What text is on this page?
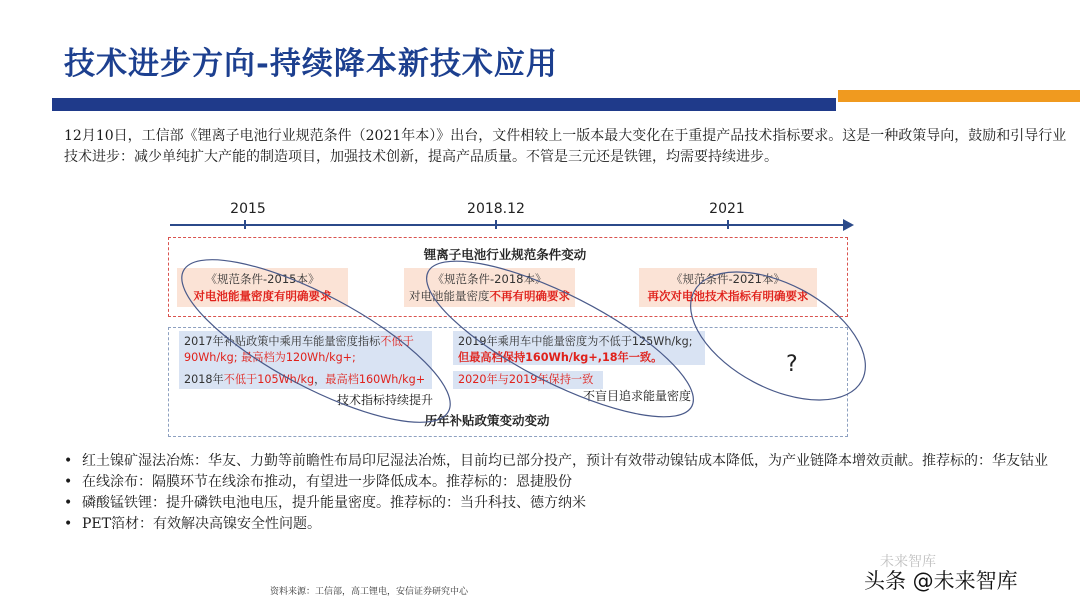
技术进步方向-持续降本新技术应用
12月10日，工信部《锂离子电池行业规范条件（2021年本）》出台，文件相较上一版本最大变化在于重提产品技术指标要求。这是一种政策导向，鼓励和引导行业技术进步：减少单纯扩大产能的制造项目，加强技术创新，提高产品质量。不管是三元还是铁锂，均需要持续进步。
2015	2018.12	2021
锂离子电池行业规范条件变动
《规范条件-2015本》
对电池能量密度有明确要求
《规范条件-2018本》
对电池能量密度不再有明确要求
《规范条件-2021本》
再次对电池技术指标有明确要求
2017年补贴政策中乘用车能量密度指标不低于
90Wh/kg; 最高档为120Wh/kg+;
2018年不低于105Wh/kg，最高档160Wh/kg+
2019年乘用车中能量密度为不低于125Wh/kg;
但最高档保持160Wh/kg+,18年一致。
2020年与2019年保持一致
技术指标持续提升	不盲目追求能量密度
?
历年补贴政策变动变动
• 红土镍矿湿法冶炼：华友、力勤等前瞻性布局印尼湿法冶炼，目前均已部分投产，预计有效带动镍钴成本降低，为产业链降本增效贡献。推荐标的：华友钴业
• 在线涂布：隔膜环节在线涂布推动，有望进一步降低成本。推荐标的：恩捷股份
• 磷酸锰铁锂：提升磷铁电池电压，提升能量密度。推荐标的：当升科技、德方纳米
• PET箔材：有效解决高镍安全性问题。
资料来源：工信部，高工锂电，安信证券研究中心
未来智库
头条 @未来智库
